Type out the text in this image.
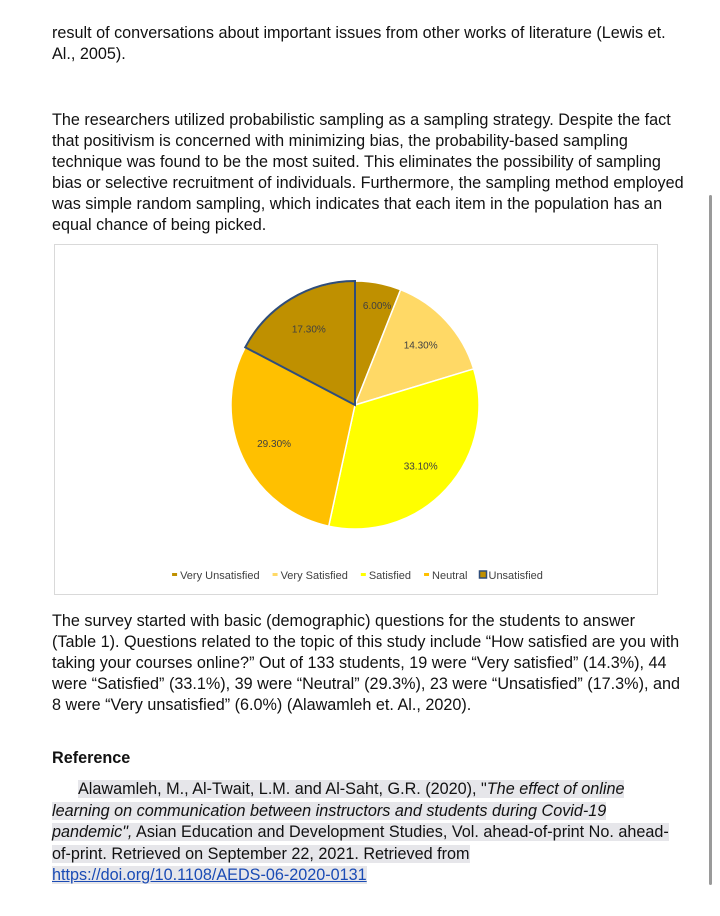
result of conversations about important issues from other works of literature (Lewis et. Al., 2005).

The researchers utilized probabilistic sampling as a sampling strategy. Despite the fact that positivism is concerned with minimizing bias, the probability-based sampling technique was found to be the most suited. This eliminates the possibility of sampling bias or selective recruitment of individuals. Furthermore, the sampling method employed was simple random sampling, which indicates that each item in the population has an equal chance of being picked.

6.00%
14.30%
33.10%
29.30%
17.30%
Very Unsatisfied Very Satisfied Satisfied Neutral Unsatisfied

The survey started with basic (demographic) questions for the students to answer (Table 1). Questions related to the topic of this study include “How satisfied are you with taking your courses online?” Out of 133 students, 19 were “Very satisfied” (14.3%), 44 were “Satisfied” (33.1%), 39 were “Neutral” (29.3%), 23 were “Unsatisfied” (17.3%), and 8 were “Very unsatisfied” (6.0%) (Alawamleh et. Al., 2020).

Reference

Alawamleh, M., Al-Twait, L.M. and Al-Saht, G.R. (2020), "The effect of online learning on communication between instructors and students during Covid-19 pandemic", Asian Education and Development Studies, Vol. ahead-of-print No. ahead-of-print. Retrieved on September 22, 2021. Retrieved from https://doi.org/10.1108/AEDS-06-2020-0131
